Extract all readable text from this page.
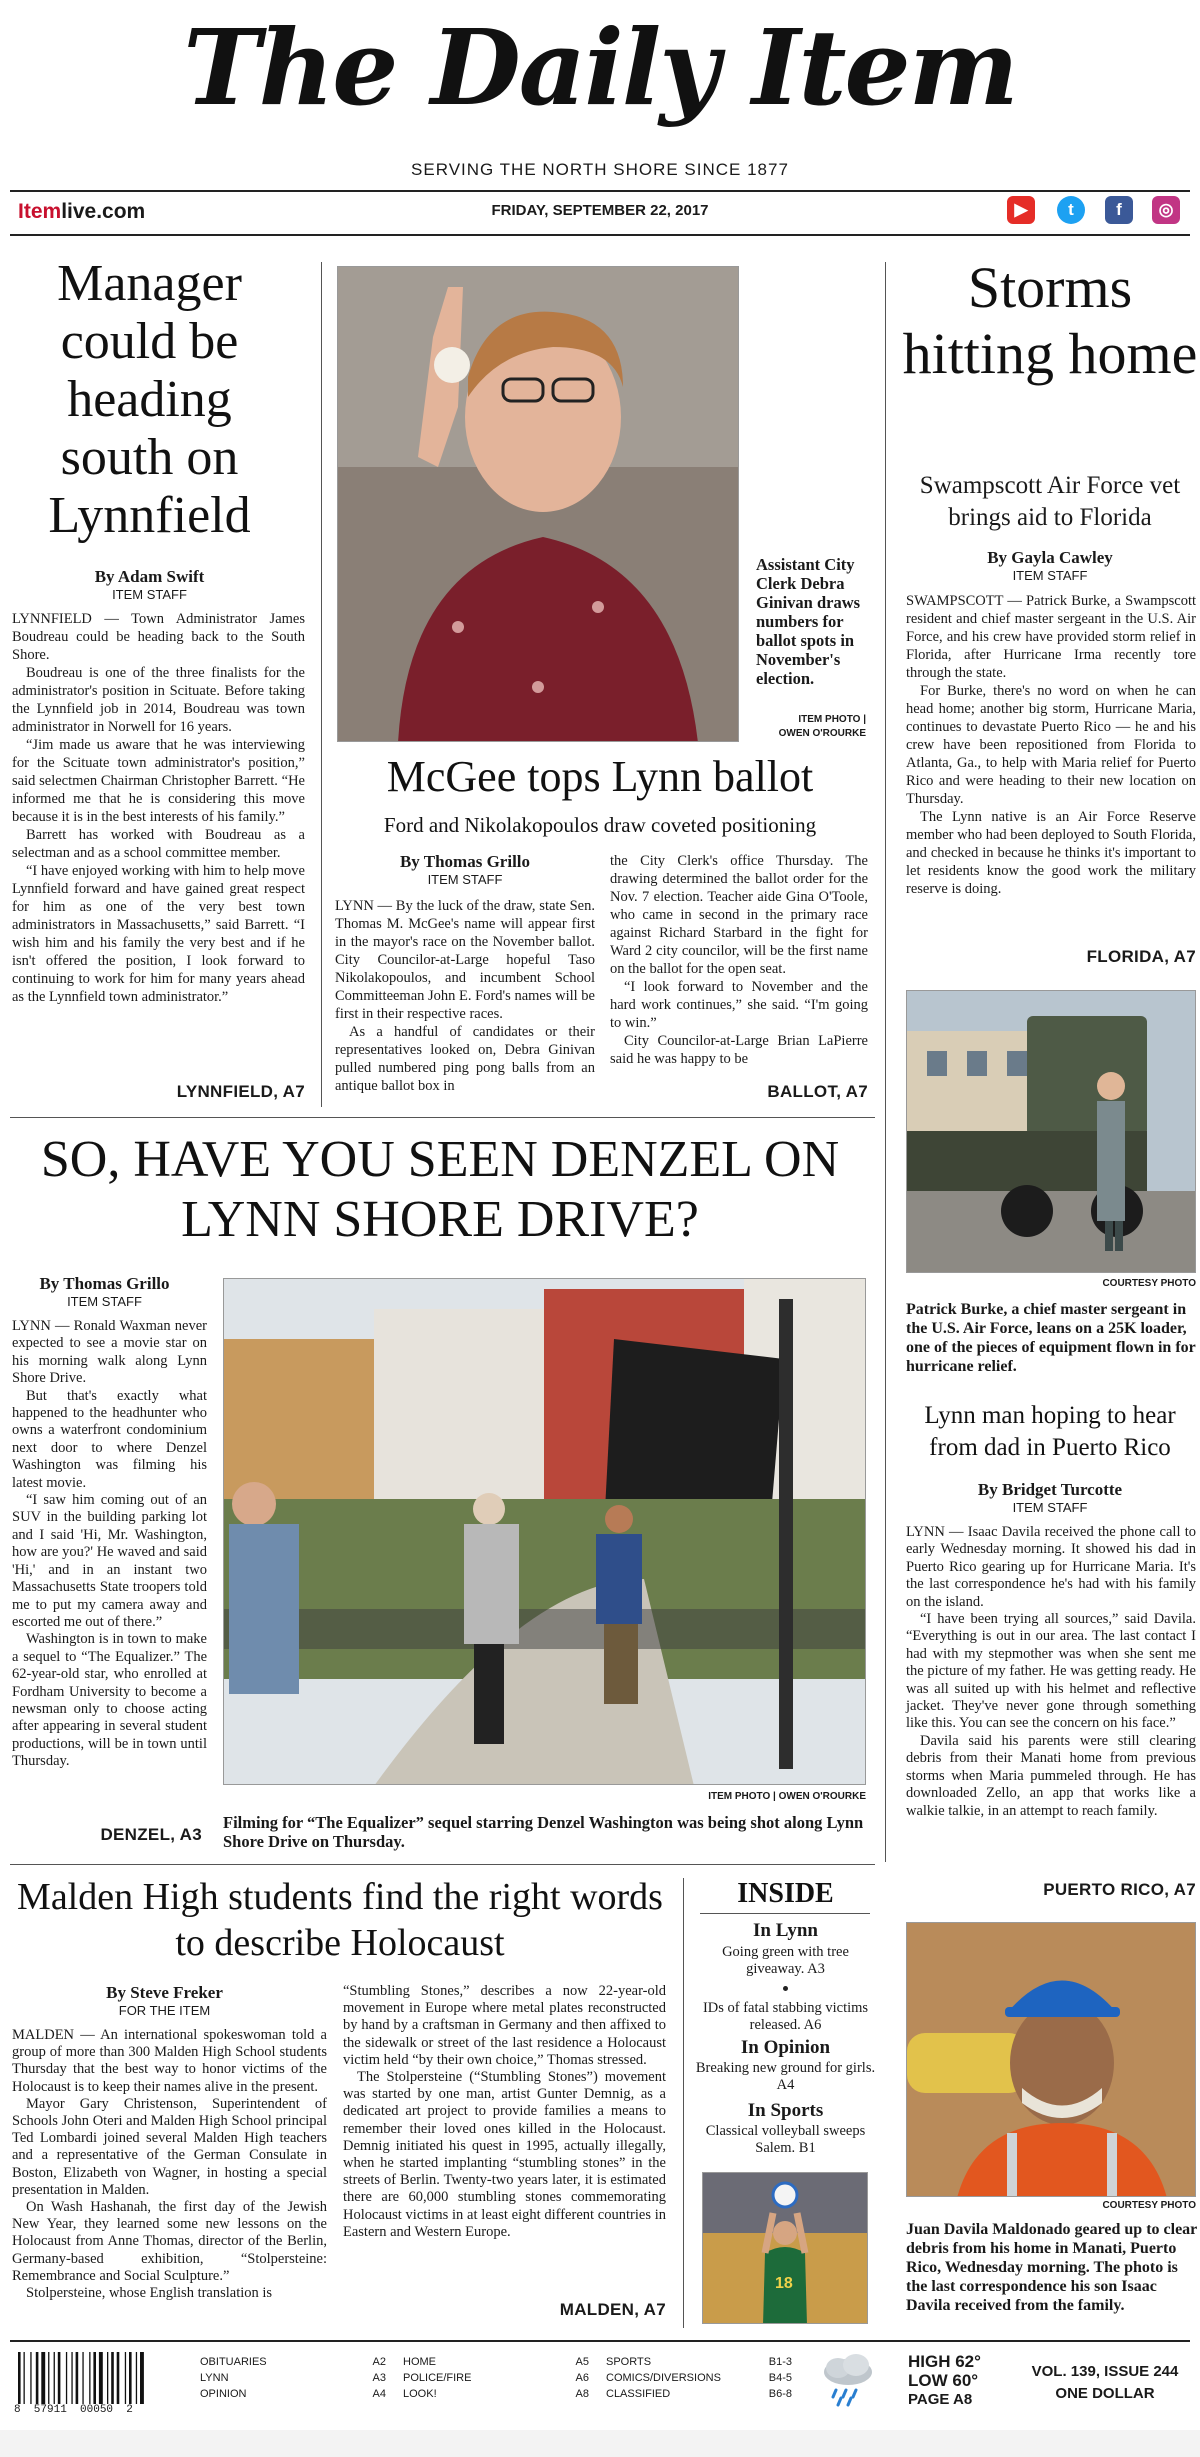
The Daily Item
SERVING THE NORTH SHORE SINCE 1877
Itemlive.com	FRIDAY, SEPTEMBER 22, 2017	▶	t	f	◎
Manager could be heading south on Lynnfield
By Adam Swift
ITEM STAFF

LYNNFIELD — Town Administrator James Boudreau could be heading back to the South Shore.

Boudreau is one of the three finalists for the administrator's position in Scituate. Before taking the Lynnfield job in 2014, Boudreau was town administrator in Norwell for 16 years.

“Jim made us aware that he was interviewing for the Scituate town administrator's position,” said selectmen Chairman Christopher Barrett. “He informed me that he is considering this move because it is in the best interests of his family.”

Barrett has worked with Boudreau as a selectman and as a school committee member.

“I have enjoyed working with him to help move Lynnfield forward and have gained great respect for him as one of the very best town administrators in Massachusetts,” said Barrett. “I wish him and his family the very best and if he isn't offered the position, I look forward to continuing to work for him for many years ahead as the Lynnfield town administrator.”

LYNNFIELD, A7
Assistant City Clerk Debra Ginivan draws numbers for ballot spots in November's election.
ITEM PHOTO |
OWEN O'ROURKE
McGee tops Lynn ballot
Ford and Nikolakopoulos draw coveted positioning
By Thomas Grillo
ITEM STAFF

LYNN — By the luck of the draw, state Sen. Thomas M. McGee's name will appear first in the mayor's race on the November ballot. City Councilor-at-Large hopeful Taso Nikolakopoulos, and incumbent School Committeeman John E. Ford's names will be first in their respective races.

As a handful of candidates or their representatives looked on, Debra Ginivan pulled numbered ping pong balls from an antique ballot box in

the City Clerk's office Thursday. The drawing determined the ballot order for the Nov. 7 election. Teacher aide Gina O'Toole, who came in second in the primary race against Richard Starbard in the fight for Ward 2 city councilor, will be the first name on the ballot for the open seat.

“I look forward to November and the hard work continues,” she said. “I'm going to win.”

City Councilor-at-Large Brian LaPierre said he was happy to be

BALLOT, A7
Storms hitting home
Swampscott Air Force vet brings aid to Florida
By Gayla Cawley
ITEM STAFF

SWAMPSCOTT — Patrick Burke, a Swampscott resident and chief master sergeant in the U.S. Air Force, and his crew have provided storm relief in Florida, after Hurricane Irma recently tore through the state.

For Burke, there's no word on when he can head home; another big storm, Hurricane Maria, continues to devastate Puerto Rico — he and his crew have been repositioned from Florida to Atlanta, Ga., to help with Maria relief for Puerto Rico and were heading to their new location on Thursday.

The Lynn native is an Air Force Reserve member who had been deployed to South Florida, and checked in because he thinks it's important to let residents know the good work the military reserve is doing.

FLORIDA, A7
COURTESY PHOTO
Patrick Burke, a chief master sergeant in the U.S. Air Force, leans on a 25K loader, one of the pieces of equipment flown in for hurricane relief.
Lynn man hoping to hear from dad in Puerto Rico
By Bridget Turcotte
ITEM STAFF

LYNN — Isaac Davila received the phone call to early Wednesday morning. It showed his dad in Puerto Rico gearing up for Hurricane Maria. It's the last correspondence he's had with his family on the island.

“I have been trying all sources,” said Davila. “Everything is out in our area. The last contact I had with my stepmother was when she sent me the picture of my father. He was getting ready. He was all suited up with his helmet and reflective jacket. They've never gone through something like this. You can see the concern on his face.”

Davila said his parents were still clearing debris from their Manati home from previous storms when Maria pummeled through. He has downloaded Zello, an app that works like a walkie talkie, in an attempt to reach family.

PUERTO RICO, A7
COURTESY PHOTO
Juan Davila Maldonado geared up to clear debris from his home in Manati, Puerto Rico, Wednesday morning. The photo is the last correspondence his son Isaac Davila received from the family.
SO, HAVE YOU SEEN DENZEL ON LYNN SHORE DRIVE?
By Thomas Grillo
ITEM STAFF

LYNN — Ronald Waxman never expected to see a movie star on his morning walk along Lynn Shore Drive.

But that's exactly what happened to the headhunter who owns a waterfront condominium next door to where Denzel Washington was filming his latest movie.

“I saw him coming out of an SUV in the building parking lot and I said 'Hi, Mr. Washington, how are you?' He waved and said 'Hi,' and in an instant two Massachusetts State troopers told me to put my camera away and escorted me out of there.”

Washington is in town to make a sequel to “The Equalizer.” The 62-year-old star, who enrolled at Fordham University to become a newsman only to choose acting after appearing in several student productions, will be in town until Thursday.

DENZEL, A3
ITEM PHOTO | OWEN O'ROURKE
Filming for “The Equalizer” sequel starring Denzel Washington was being shot along Lynn Shore Drive on Thursday.
Malden High students find the right words to describe Holocaust
By Steve Freker
FOR THE ITEM

MALDEN — An international spokeswoman told a group of more than 300 Malden High School students Thursday that the best way to honor victims of the Holocaust is to keep their names alive in the present.

Mayor Gary Christenson, Superintendent of Schools John Oteri and Malden High School principal Ted Lombardi joined several Malden High teachers and a representative of the German Consulate in Boston, Elizabeth von Wagner, in hosting a special presentation in Malden.

On Wash Hashanah, the first day of the Jewish New Year, they learned some new lessons on the Holocaust from Anne Thomas, director of the Berlin, Germany-based exhibition, “Stolpersteine: Remembrance and Social Sculpture.”

Stolpersteine, whose English translation is

“Stumbling Stones,” describes a now 22-year-old movement in Europe where metal plates reconstructed by hand by a craftsman in Germany and then affixed to the sidewalk or street of the last residence a Holocaust victim held “by their own choice,” Thomas stressed.

The Stolpersteine (“Stumbling Stones”) movement was started by one man, artist Gunter Demnig, as a dedicated art project to provide families a means to remember their loved ones killed in the Holocaust. Demnig initiated his quest in 1995, actually illegally, when he started implanting “stumbling stones” in the streets of Berlin. Twenty-two years later, it is estimated there are 60,000 stumbling stones commemorating Holocaust victims in at least eight different countries in Eastern and Western Europe.

MALDEN, A7
INSIDE
In Lynn
Going green with tree giveaway. A3
IDs of fatal stabbing victims released. A6
In Opinion
Breaking new ground for girls. A4
In Sports
Classical volleyball sweeps Salem. B1
18
8  57911  00050  2
OBITUARIES	A2
LYNN	A3
OPINION	A4
HOME	A5
POLICE/FIRE	A6
LOOK!	A8
SPORTS	B1-3
COMICS/DIVERSIONS	B4-5
CLASSIFIED	B6-8
HIGH 62°
LOW 60°
PAGE A8
VOL. 139, ISSUE 244
ONE DOLLAR
